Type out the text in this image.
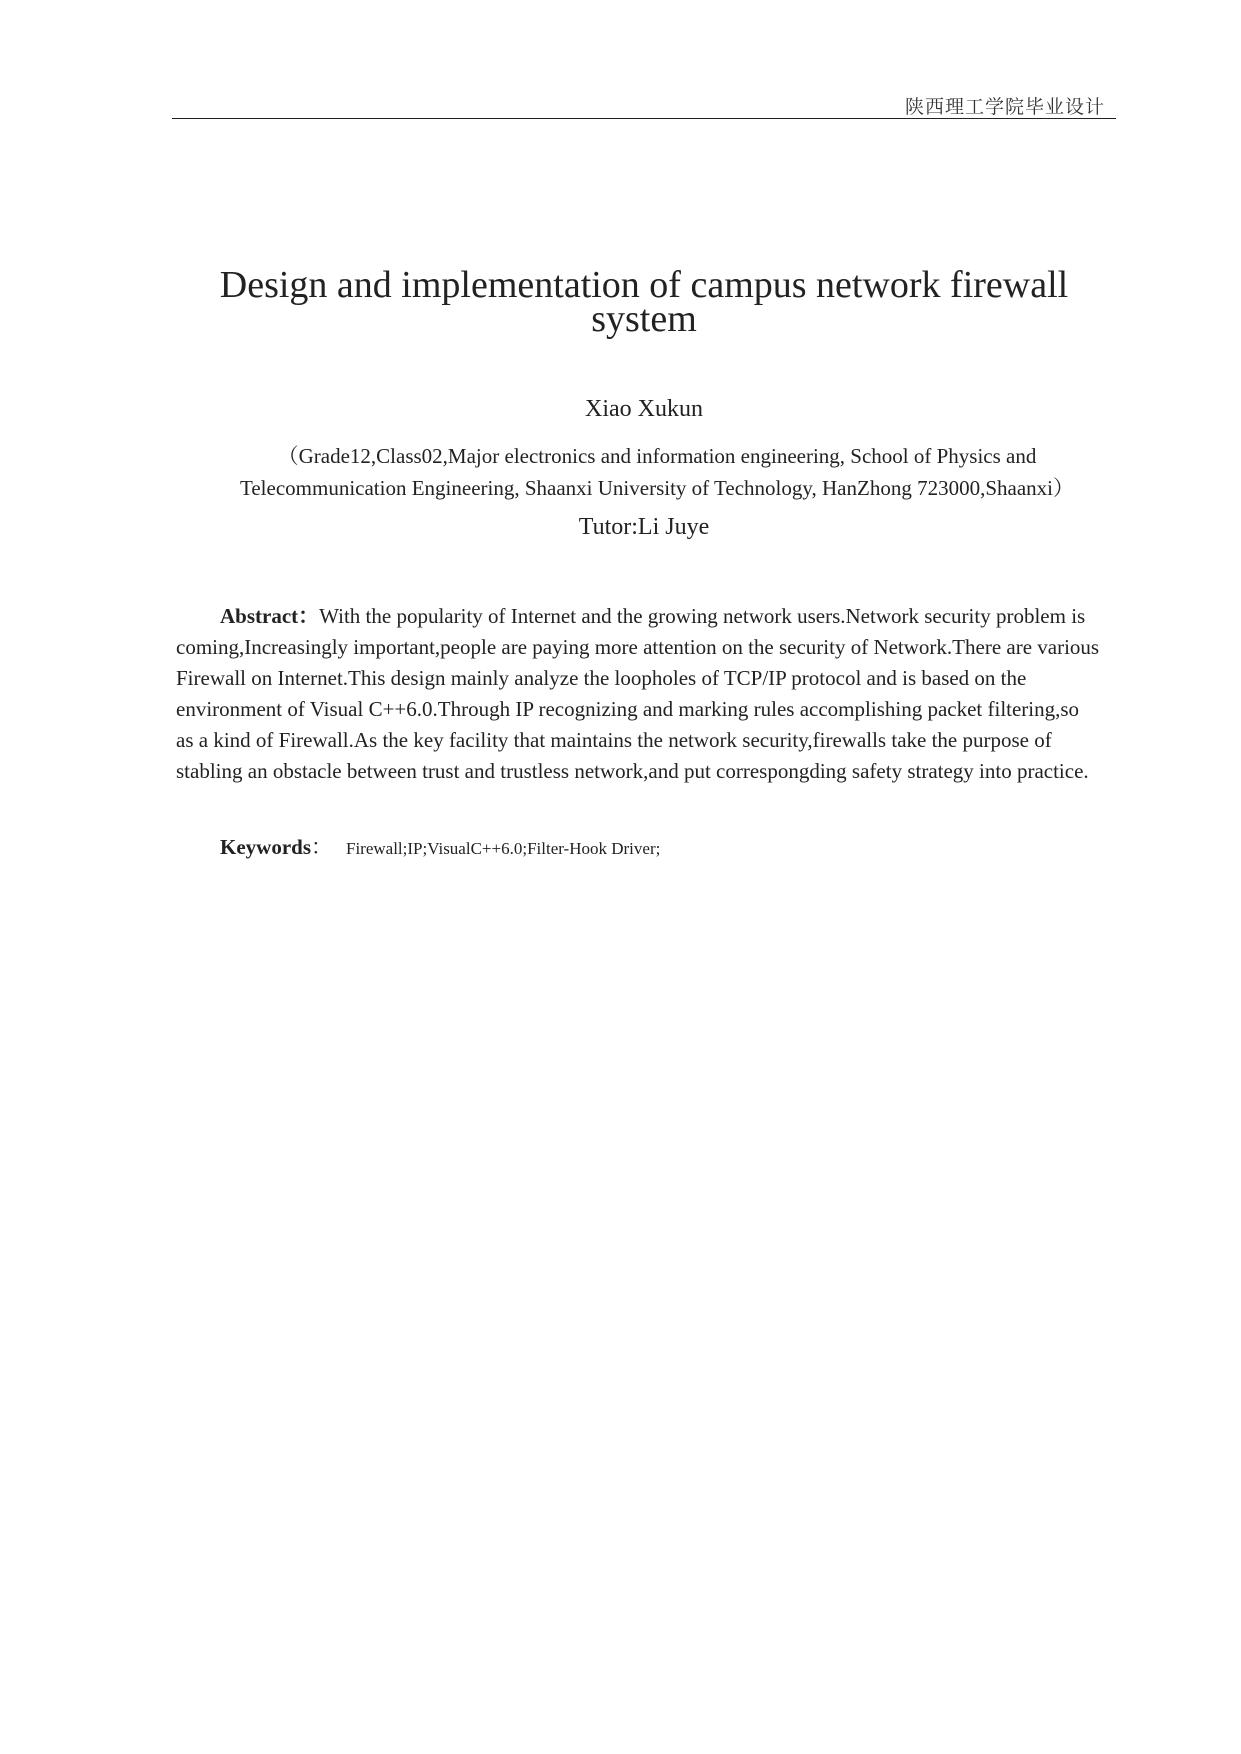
陕西理工学院毕业设计
Design and implementation of campus network firewall system
Xiao Xukun
（Grade12,Class02,Major electronics and information engineering, School of Physics and Telecommunication Engineering, Shaanxi University of Technology, HanZhong 723000,Shaanxi）
Tutor:Li Juye

Abstract：With the popularity of Internet and the growing network users.Network security problem is coming,Increasingly important,people are paying more attention on the security of Network.There are various Firewall on Internet.This design mainly analyze the loopholes of TCP/IP protocol and is based on the environment of Visual C++6.0.Through IP recognizing and marking rules accomplishing packet filtering,so as a kind of Firewall.As the key facility that maintains the network security,firewalls take the purpose of stabling an obstacle between trust and trustless network,and put correspongding safety strategy into practice.

Keywords： Firewall;IP;VisualC++6.0;Filter-Hook Driver;
